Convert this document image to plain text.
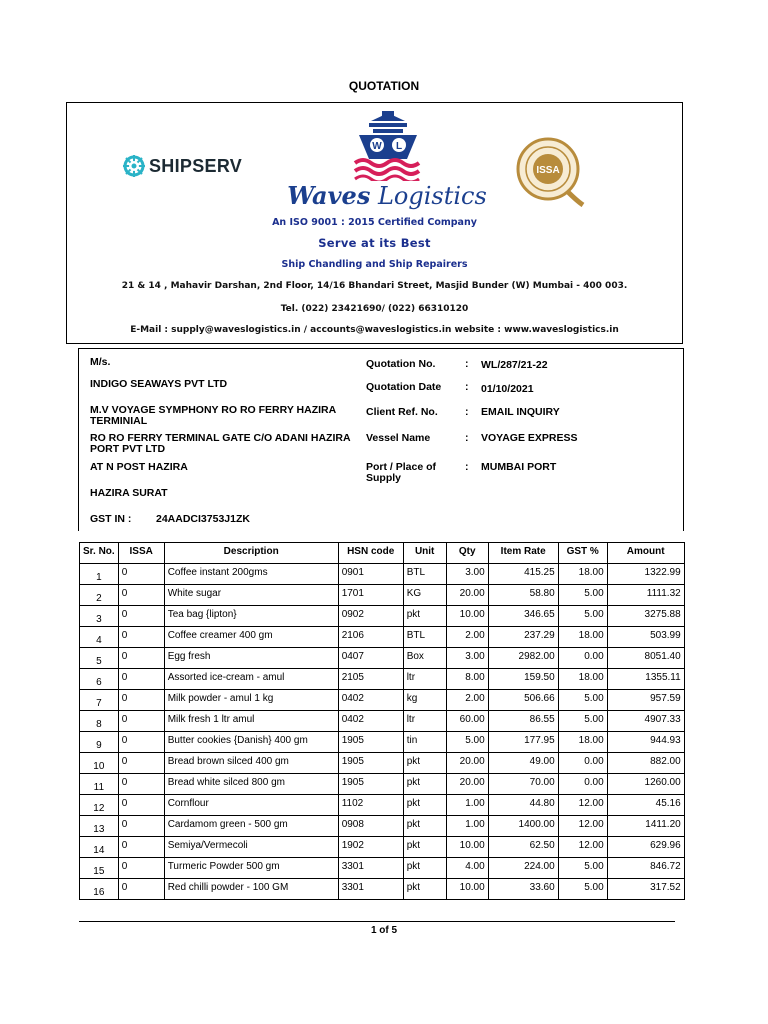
QUOTATION
SHIPSERV
W L
Waves Logistics
ISSA
An ISO 9001 : 2015 Certified Company
Serve at its Best
Ship Chandling and Ship Repairers
21 & 14 , Mahavir Darshan, 2nd Floor, 14/16 Bhandari Street, Masjid Bunder (W) Mumbai - 400 003.
Tel. (022) 23421690/ (022) 66310120
E-Mail : supply@waveslogistics.in / accounts@waveslogistics.in website : www.waveslogistics.in
M/s.
INDIGO SEAWAYS PVT LTD
M.V VOYAGE SYMPHONY RO RO FERRY HAZIRA TERMINIAL
RO RO FERRY TERMINAL GATE C/O ADANI HAZIRA PORT PVT LTD
AT N POST HAZIRA
HAZIRA SURAT
GST IN : 24AADCI3753J1ZK
Quotation No.	: WL/287/21-22
Quotation Date : 01/10/2021
Client Ref. No.	: EMAIL INQUIRY
Vessel Name	: VOYAGE EXPRESS
Port / Place of Supply
: MUMBAI PORT
Sr. No.	ISSA	Description	HSN code	Unit	Qty	Item Rate	GST %	Amount
1	0	Coffee instant 200gms	0901	BTL	3.00	415.25	18.00	1322.99
2	0	White sugar	1701	KG	20.00	58.80	5.00	1111.32
3	0	Tea bag {lipton}	0902	pkt	10.00	346.65	5.00	3275.88
4	0	Coffee creamer 400 gm	2106	BTL	2.00	237.29	18.00	503.99
5	0	Egg fresh	0407	Box	3.00	2982.00	0.00	8051.40
6	0	Assorted ice-cream - amul	2105	ltr	8.00	159.50	18.00	1355.11
7	0	Milk powder - amul 1 kg	0402	kg	2.00	506.66	5.00	957.59
8	0	Milk fresh 1 ltr amul	0402	ltr	60.00	86.55	5.00	4907.33
9	0	Butter cookies {Danish} 400 gm	1905	tin	5.00	177.95	18.00	944.93
10	0	Bread brown silced 400 gm	1905	pkt	20.00	49.00	0.00	882.00
11	0	Bread white silced 800 gm	1905	pkt	20.00	70.00	0.00	1260.00
12	0	Cornflour	1102	pkt	1.00	44.80	12.00	45.16
13	0	Cardamom green - 500 gm	0908	pkt	1.00	1400.00	12.00	1411.20
14	0	Semiya/Vermecoli	1902	pkt	10.00	62.50	12.00	629.96
15	0	Turmeric Powder 500 gm	3301	pkt	4.00	224.00	5.00	846.72
16	0	Red chilli powder - 100 GM	3301	pkt	10.00	33.60	5.00	317.52
1 of 5
